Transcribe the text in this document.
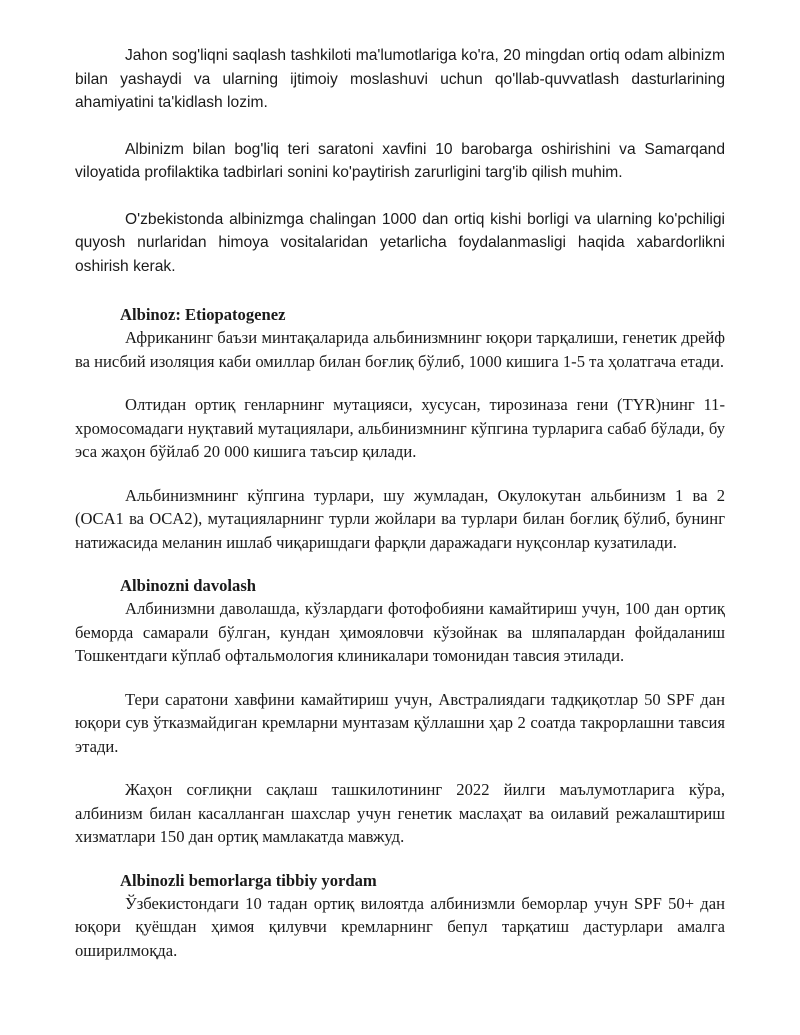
Jahon sog'liqni saqlash tashkiloti ma'lumotlariga ko'ra, 20 mingdan ortiq odam albinizm bilan yashaydi va ularning ijtimoiy moslashuvi uchun qo'llab-quvvatlash dasturlarining ahamiyatini ta'kidlash lozim.

Albinizm bilan bog'liq teri saratoni xavfini 10 barobarga oshirishini va Samarqand viloyatida profilaktika tadbirlari sonini ko'paytirish zarurligini targ'ib qilish muhim.

O'zbekistonda albinizmga chalingan 1000 dan ortiq kishi borligi va ularning ko'pchiligi quyosh nurlaridan himoya vositalaridan yetarlicha foydalanmasligi haqida xabardorlikni oshirish kerak.

Albinoz: Etiopatogenez

Африканинг баъзи минтақаларида альбинизмнинг юқори тарқалиши, генетик дрейф ва нисбий изоляция каби омиллар билан боғлиқ бўлиб, 1000 кишига 1-5 та ҳолатгача етади.

Олтидан ортиқ генларнинг мутацияси, хусусан, тирозиназа гени (TYR)нинг 11-хромосомадаги нуқтавий мутациялари, альбинизмнинг кўпгина турларига сабаб бўлади, бу эса жаҳон бўйлаб 20 000 кишига таъсир қилади.

Альбинизмнинг кўпгина турлари, шу жумладан, Окулокутан альбинизм 1 ва 2 (OCA1 ва OCA2), мутацияларнинг турли жойлари ва турлари билан боғлиқ бўлиб, бунинг натижасида меланин ишлаб чиқаришдаги фарқли даражадаги нуқсонлар кузатилади.

Albinozni davolash

Албинизмни даволашда, кўзлардаги фотофобияни камайтириш учун, 100 дан ортиқ беморда самарали бўлган, кундан ҳимояловчи кўзойнак ва шляпалардан фойдаланиш Тошкентдаги кўплаб офтальмология клиникалари томонидан тавсия этилади.

Тери саратони хавфини камайтириш учун, Австралиядаги тадқиқотлар 50 SPF дан юқори сув ўтказмайдиган кремларни мунтазам қўллашни ҳар 2 соатда такрорлашни тавсия этади.

Жаҳон соғлиқни сақлаш ташкилотининг 2022 йилги маълумотларига кўра, албинизм билан касалланган шахслар учун генетик маслаҳат ва оилавий режалаштириш хизматлари 150 дан ортиқ мамлакатда мавжуд.

Albinozli bemorlarga tibbiy yordam

Ўзбекистондаги 10 тадан ортиқ вилоятда албинизмли беморлар учун SPF 50+ дан юқори қуёшдан ҳимоя қилувчи кремларнинг бепул тарқатиш дастурлари амалга оширилмоқда.
